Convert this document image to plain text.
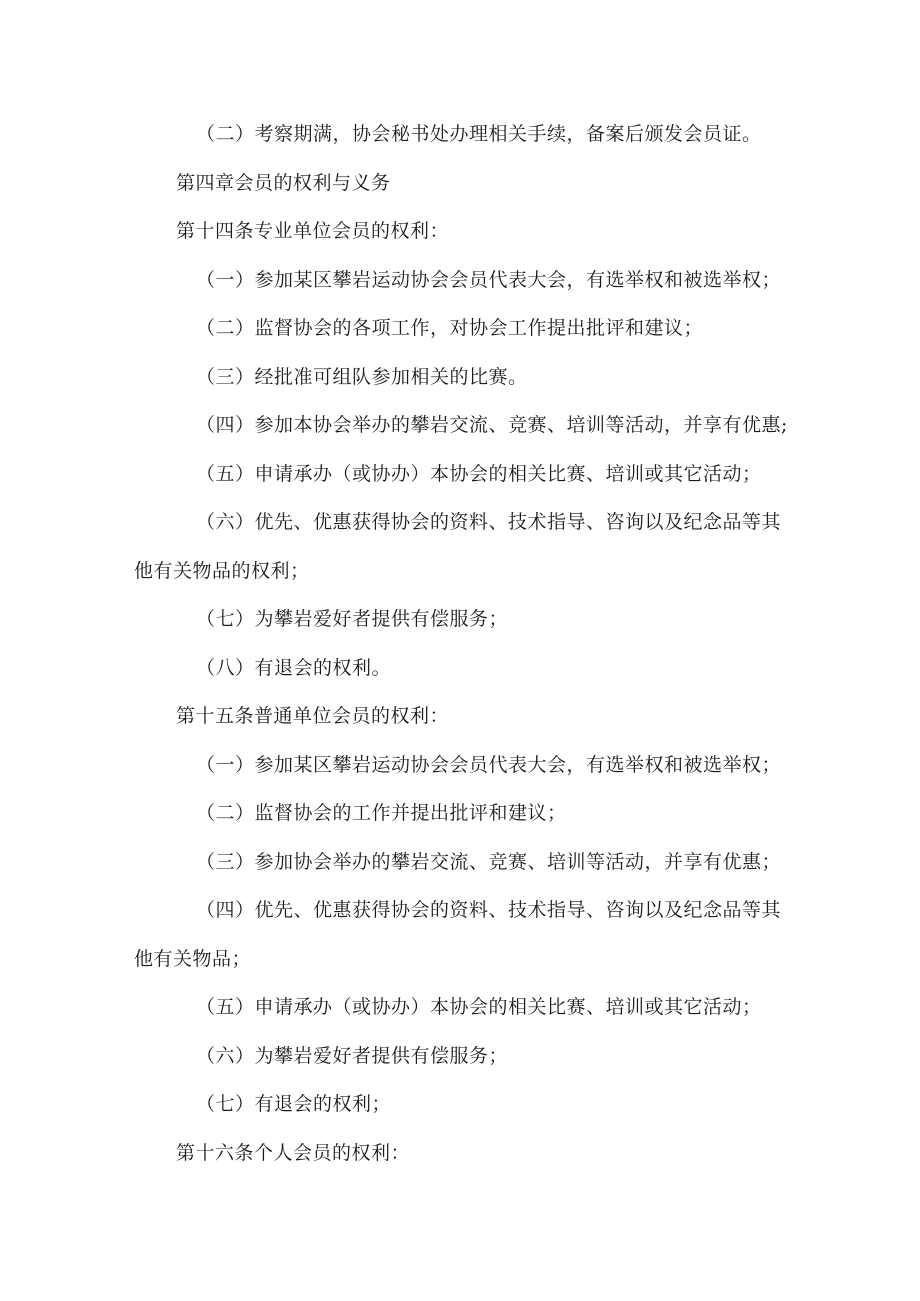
（二）考察期满，协会秘书处办理相关手续，备案后颁发会员证。
第四章会员的权利与义务
第十四条专业单位会员的权利：
（一）参加某区攀岩运动协会会员代表大会，有选举权和被选举权；
（二）监督协会的各项工作，对协会工作提出批评和建议；
（三）经批准可组队参加相关的比赛。
（四）参加本协会举办的攀岩交流、竞赛、培训等活动，并享有优惠;
（五）申请承办（或协办）本协会的相关比赛、培训或其它活动；
（六）优先、优惠获得协会的资料、技术指导、咨询以及纪念品等其
他有关物品的权利；
（七）为攀岩爱好者提供有偿服务；
（八）有退会的权利。
第十五条普通单位会员的权利：
（一）参加某区攀岩运动协会会员代表大会，有选举权和被选举权；
（二）监督协会的工作并提出批评和建议；
（三）参加协会举办的攀岩交流、竞赛、培训等活动，并享有优惠；
（四）优先、优惠获得协会的资料、技术指导、咨询以及纪念品等其
他有关物品；
（五）申请承办（或协办）本协会的相关比赛、培训或其它活动；
（六）为攀岩爱好者提供有偿服务；
（七）有退会的权利；
第十六条个人会员的权利：
